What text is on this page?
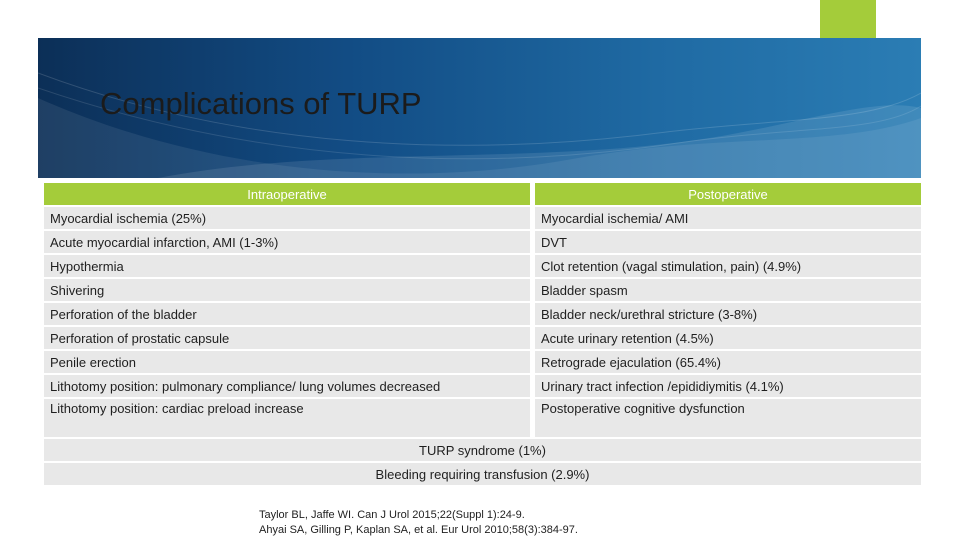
Complications of TURP
Intraoperative	Postoperative
Myocardial ischemia (25%)	Myocardial ischemia/ AMI
Acute myocardial infarction, AMI (1-3%)	DVT
Hypothermia	Clot retention (vagal stimulation, pain) (4.9%)
Shivering	Bladder spasm
Perforation of the bladder	Bladder neck/urethral stricture (3-8%)
Perforation of prostatic capsule	Acute urinary retention (4.5%)
Penile erection	Retrograde ejaculation (65.4%)
Lithotomy position: pulmonary compliance/ lung volumes decreased	Urinary tract infection /epididiymitis (4.1%)
Lithotomy position: cardiac preload increase	Postoperative cognitive dysfunction
TURP syndrome (1%)	
Bleeding requiring transfusion (2.9%)	
Taylor BL, Jaffe WI. Can J Urol 2015;22(Suppl 1):24-9.
Ahyai SA, Gilling P, Kaplan SA, et al. Eur Urol 2010;58(3):384-97.
